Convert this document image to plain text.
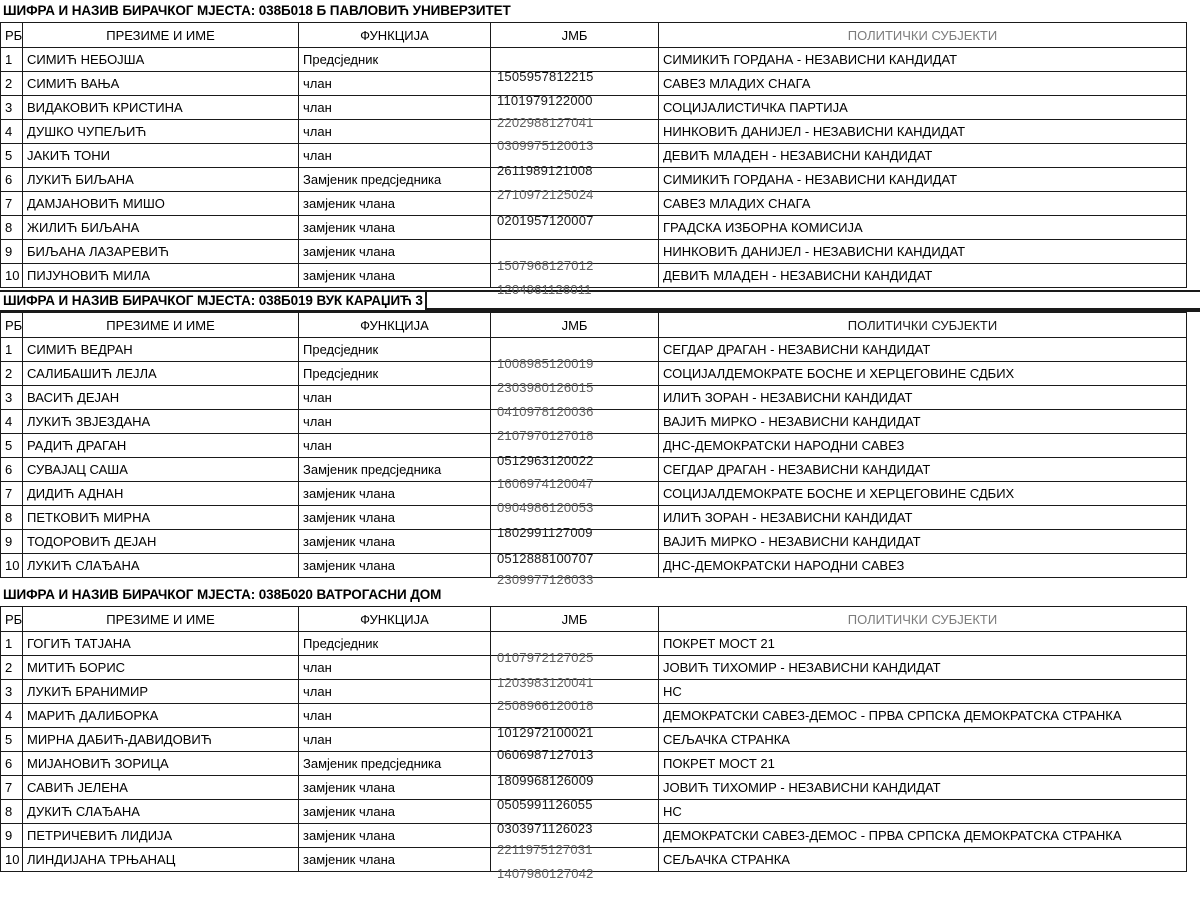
ШИФРА И НАЗИВ БИРАЧКОГ МЈЕСТА: 038Б018 Б ПАВЛОВИЋ УНИВЕРЗИТЕТ
РБ	ПРЕЗИМЕ И ИМЕ	ФУНКЦИЈА	ЈМБ	ПОЛИТИЧКИ СУБЈЕКТИ
1	СИМИЋ НЕБОЈША	Предсједник	1505957812215	СИМИКИЋ ГОРДАНА - НЕЗАВИСНИ КАНДИДАТ
2	СИМИЋ ВАЊА	члан	1101979122000	САВЕЗ МЛАДИХ СНАГА
3	ВИДАКОВИЋ КРИСТИНА	члан	2202988127041	СОЦИЈАЛИСТИЧКА ПАРТИЈА
4	ДУШКО ЧУПЕЉИЋ	члан	0309975120013	НИНКОВИЋ ДАНИЈЕЛ - НЕЗАВИСНИ КАНДИДАТ
5	ЈАКИЋ ТОНИ	члан	2611989121008	ДЕВИЋ МЛАДЕН - НЕЗАВИСНИ КАНДИДАТ
6	ЛУКИЋ БИЉАНА	Замјеник предсједника	2710972125024	СИМИКИЋ ГОРДАНА - НЕЗАВИСНИ КАНДИДАТ
7	ДАМЈАНОВИЋ МИШО	замјеник члана	0201957120007	САВЕЗ МЛАДИХ СНАГА
8	ЖИЛИЋ БИЉАНА	замјеник члана		ГРАДСКА ИЗБОРНА КОМИСИЈА
9	БИЉАНА ЛАЗАРЕВИЋ	замјеник члана	1507968127012	НИНКОВИЋ ДАНИЈЕЛ - НЕЗАВИСНИ КАНДИДАТ
10	ПИЈУНОВИЋ МИЛА	замјеник члана	1204961126011	ДЕВИЋ МЛАДЕН - НЕЗАВИСНИ КАНДИДАТ
ШИФРА И НАЗИВ БИРАЧКОГ МЈЕСТА: 038Б019 ВУК КАРАЏИЋ 3
РБ	ПРЕЗИМЕ И ИМЕ	ФУНКЦИЈА	ЈМБ	ПОЛИТИЧКИ СУБЈЕКТИ
1	СИМИЋ ВЕДРАН	Предсједник	1008985120019	СЕГДАР ДРАГАН - НЕЗАВИСНИ КАНДИДАТ
2	САЛИБАШИЋ ЛЕЈЛА	Предсједник	2303980126015	СОЦИЈАЛДЕМОКРАТЕ БОСНЕ И ХЕРЦЕГОВИНЕ СДБИХ
3	ВАСИЋ ДЕЈАН	члан	0410978120036	ИЛИЋ ЗОРАН - НЕЗАВИСНИ КАНДИДАТ
4	ЛУКИЋ ЗВЈЕЗДАНА	члан	2107970127018	ВАЈИЋ МИРКО - НЕЗАВИСНИ КАНДИДАТ
5	РАДИЋ ДРАГАН	члан	0512963120022	ДНС-ДЕМОКРАТСКИ НАРОДНИ САВЕЗ
6	СУВАЈАЦ САША	Замјеник предсједника	1606974120047	СЕГДАР ДРАГАН - НЕЗАВИСНИ КАНДИДАТ
7	ДИДИЋ АДНАН	замјеник члана	0904986120053	СОЦИЈАЛДЕМОКРАТЕ БОСНЕ И ХЕРЦЕГОВИНЕ СДБИХ
8	ПЕТКОВИЋ МИРНА	замјеник члана	1802991127009	ИЛИЋ ЗОРАН - НЕЗАВИСНИ КАНДИДАТ
9	ТОДОРОВИЋ ДЕЈАН	замјеник члана	0512888100707	ВАЈИЋ МИРКО - НЕЗАВИСНИ КАНДИДАТ
10	ЛУКИЋ СЛАЂАНА	замјеник члана	2309977126033	ДНС-ДЕМОКРАТСКИ НАРОДНИ САВЕЗ
ШИФРА И НАЗИВ БИРАЧКОГ МЈЕСТА: 038Б020 ВАТРОГАСНИ ДОМ
РБ	ПРЕЗИМЕ И ИМЕ	ФУНКЦИЈА	ЈМБ	ПОЛИТИЧКИ СУБЈЕКТИ
1	ГОГИЋ ТАТЈАНА	Предсједник	0107972127025	ПОКРЕТ МОСТ 21
2	МИТИЋ БОРИС	члан	1203983120041	ЈОВИЋ ТИХОМИР - НЕЗАВИСНИ КАНДИДАТ
3	ЛУКИЋ БРАНИМИР	члан	2508966120018	НС
4	МАРИЋ ДАЛИБОРКА	члан	1012972100021	ДЕМОКРАТСКИ САВЕЗ-ДЕМОС - ПРВА СРПСКА ДЕМОКРАТСКА СТРАНКА
5	МИРНА ДАБИЋ-ДАВИДОВИЋ	члан	0606987127013	СЕЉАЧКА СТРАНКА
6	МИЈАНОВИЋ ЗОРИЦА	Замјеник предсједника	1809968126009	ПОКРЕТ МОСТ 21
7	САВИЋ ЈЕЛЕНА	замјеник члана	0505991126055	ЈОВИЋ ТИХОМИР - НЕЗАВИСНИ КАНДИДАТ
8	ДУКИЋ СЛАЂАНА	замјеник члана	0303971126023	НС
9	ПЕТРИЧЕВИЋ ЛИДИЈА	замјеник члана	2211975127031	ДЕМОКРАТСКИ САВЕЗ-ДЕМОС - ПРВА СРПСКА ДЕМОКРАТСКА СТРАНКА
10	ЛИНДИЈАНА ТРЊАНАЦ	замјеник члана	1407980127042	СЕЉАЧКА СТРАНКА
